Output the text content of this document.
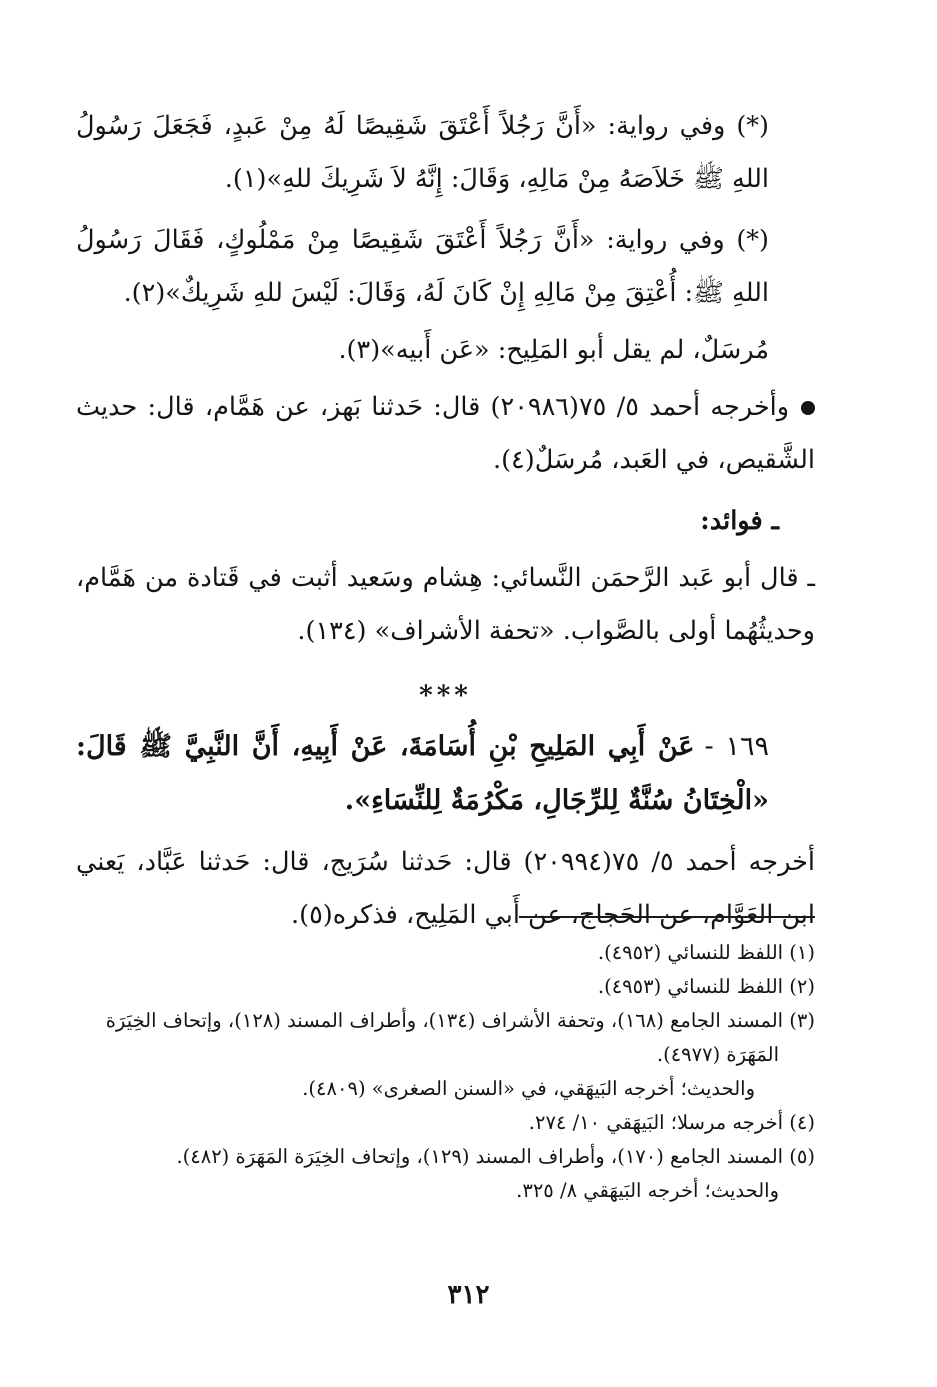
(*) وفي رواية: «أَنَّ رَجُلاً أَعْتَقَ شَقِيصًا لَهُ مِنْ عَبدٍ، فَجَعَلَ رَسُولُ اللهِ ﷺ خَلاَصَهُ مِنْ مَالِهِ، وَقَالَ: إِنَّهُ لاَ شَرِيكَ للهِ»(١).

(*) وفي رواية: «أَنَّ رَجُلاً أَعْتَقَ شَقِيصًا مِنْ مَمْلُوكٍ، فَقَالَ رَسُولُ اللهِ ﷺ: أُعْتِقَ مِنْ مَالِهِ إِنْ كَانَ لَهُ، وَقَالَ: لَيْسَ للهِ شَرِيكٌ»(٢).

مُرسَلٌ، لم يقل أبو المَلِيح: «عَن أَبيه»(٣).

وأخرجه أحمد ٥/ ٧٥(٢٠٩٨٦) قال: حَدثنا بَهز، عن هَمَّام، قال: حديث الشَّقيص، في العَبد، مُرسَلٌ(٤).

ـ فوائد:

ـ قال أبو عَبد الرَّحمَن النَّسائي: هِشام وسَعيد أثبت في قَتادة من هَمَّام، وحديثُهُما أولى بالصَّواب. «تحفة الأشراف» (١٣٤).

***

١٦٩ -عَنْ أَبِي المَلِيحِ بْنِ أُسَامَةَ، عَنْ أَبِيهِ، أَنَّ النَّبِيَّ ﷺ قَالَ: «الْخِتَانُ سُنَّةٌ لِلرِّجَالِ، مَكْرُمَةٌ لِلنِّسَاءِ».

أخرجه أحمد ٥/ ٧٥(٢٠٩٩٤) قال: حَدثنا سُرَيج، قال: حَدثنا عَبَّاد، يَعني ابن العَوَّام، عن الحَجاج، عن أَبي المَلِيح، فذكره(٥).

(١) اللفظ للنسائي (٤٩٥٢).

(٢) اللفظ للنسائي (٤٩٥٣).

(٣) المسند الجامع (١٦٨)، وتحفة الأشراف (١٣٤)، وأطراف المسند (١٢٨)، وإتحاف الخِيَرَة

المَهَرَة (٤٩٧٧).

والحديث؛ أخرجه البَيهَقي، في «السنن الصغرى» (٤٨٠٩).

(٤) أخرجه مرسلا؛ البَيهَقي ١٠/ ٢٧٤.

(٥) المسند الجامع (١٧٠)، وأطراف المسند (١٢٩)، وإتحاف الخِيَرَة المَهَرَة (٤٨٢).

والحديث؛ أخرجه البَيهَقي ٨/ ٣٢٥.

٣١٢
